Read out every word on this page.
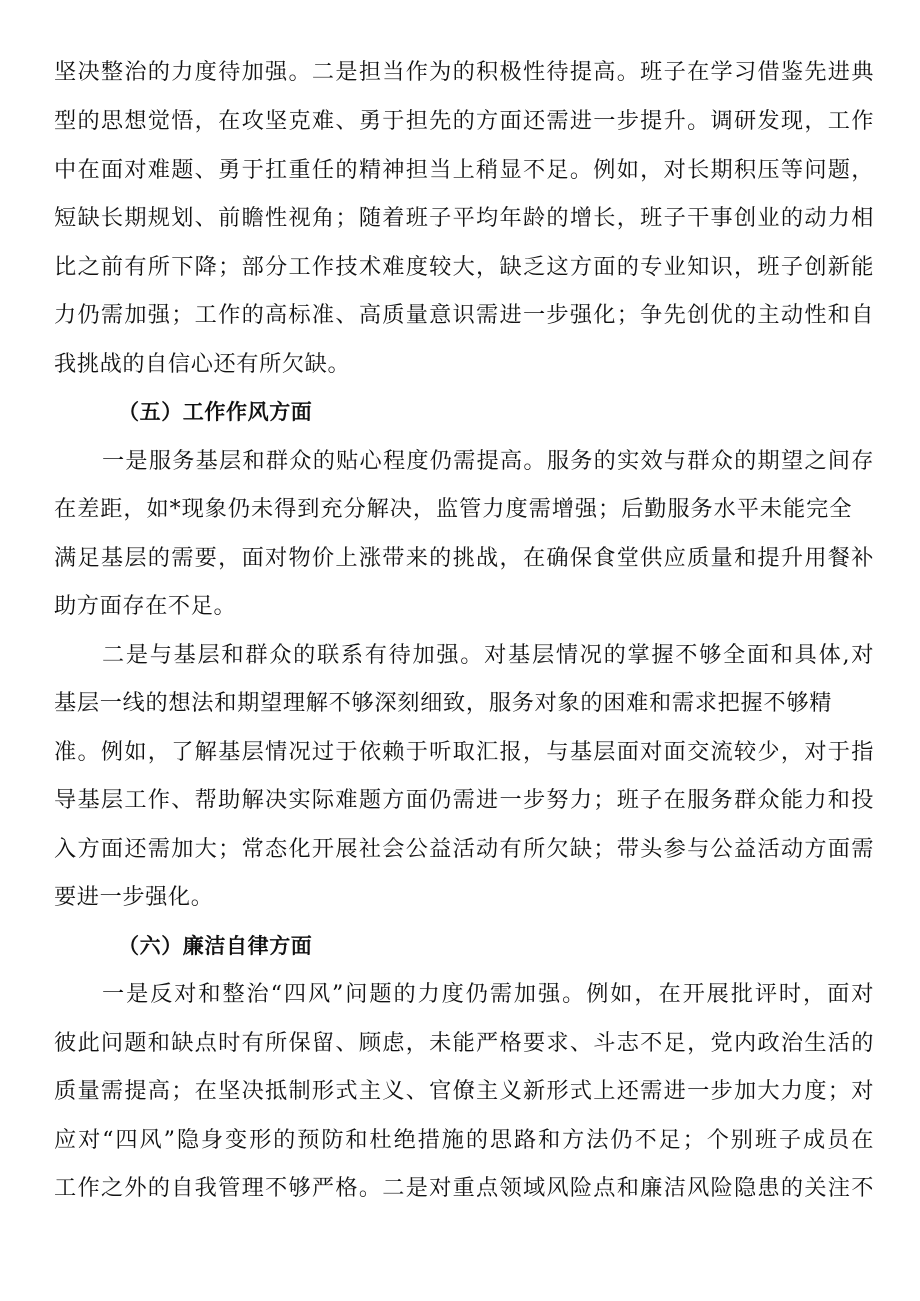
坚决整治的力度待加强。二是担当作为的积极性待提高。班子在学习借鉴先进典
型的思想觉悟，在攻坚克难、勇于担先的方面还需进一步提升。调研发现，工作
中在面对难题、勇于扛重任的精神担当上稍显不足。例如，对长期积压等问题，
短缺长期规划、前瞻性视角；随着班子平均年龄的增长，班子干事创业的动力相
比之前有所下降；部分工作技术难度较大，缺乏这方面的专业知识，班子创新能
力仍需加强；工作的高标准、高质量意识需进一步强化；争先创优的主动性和自
我挑战的自信心还有所欠缺。
（五）工作作风方面
一是服务基层和群众的贴心程度仍需提高。服务的实效与群众的期望之间存
在差距，如*现象仍未得到充分解决，监管力度需增强；后勤服务水平未能完全
满足基层的需要，面对物价上涨带来的挑战，在确保食堂供应质量和提升用餐补
助方面存在不足。
二是与基层和群众的联系有待加强。对基层情况的掌握不够全面和具体,对
基层一线的想法和期望理解不够深刻细致，服务对象的困难和需求把握不够精
准。例如，了解基层情况过于依赖于听取汇报，与基层面对面交流较少，对于指
导基层工作、帮助解决实际难题方面仍需进一步努力；班子在服务群众能力和投
入方面还需加大；常态化开展社会公益活动有所欠缺；带头参与公益活动方面需
要进一步强化。
（六）廉洁自律方面
一是反对和整治“四风”问题的力度仍需加强。例如，在开展批评时，面对
彼此问题和缺点时有所保留、顾虑，未能严格要求、斗志不足，党内政治生活的
质量需提高；在坚决抵制形式主义、官僚主义新形式上还需进一步加大力度；对
应对“四风”隐身变形的预防和杜绝措施的思路和方法仍不足；个别班子成员在
工作之外的自我管理不够严格。二是对重点领域风险点和廉洁风险隐患的关注不
